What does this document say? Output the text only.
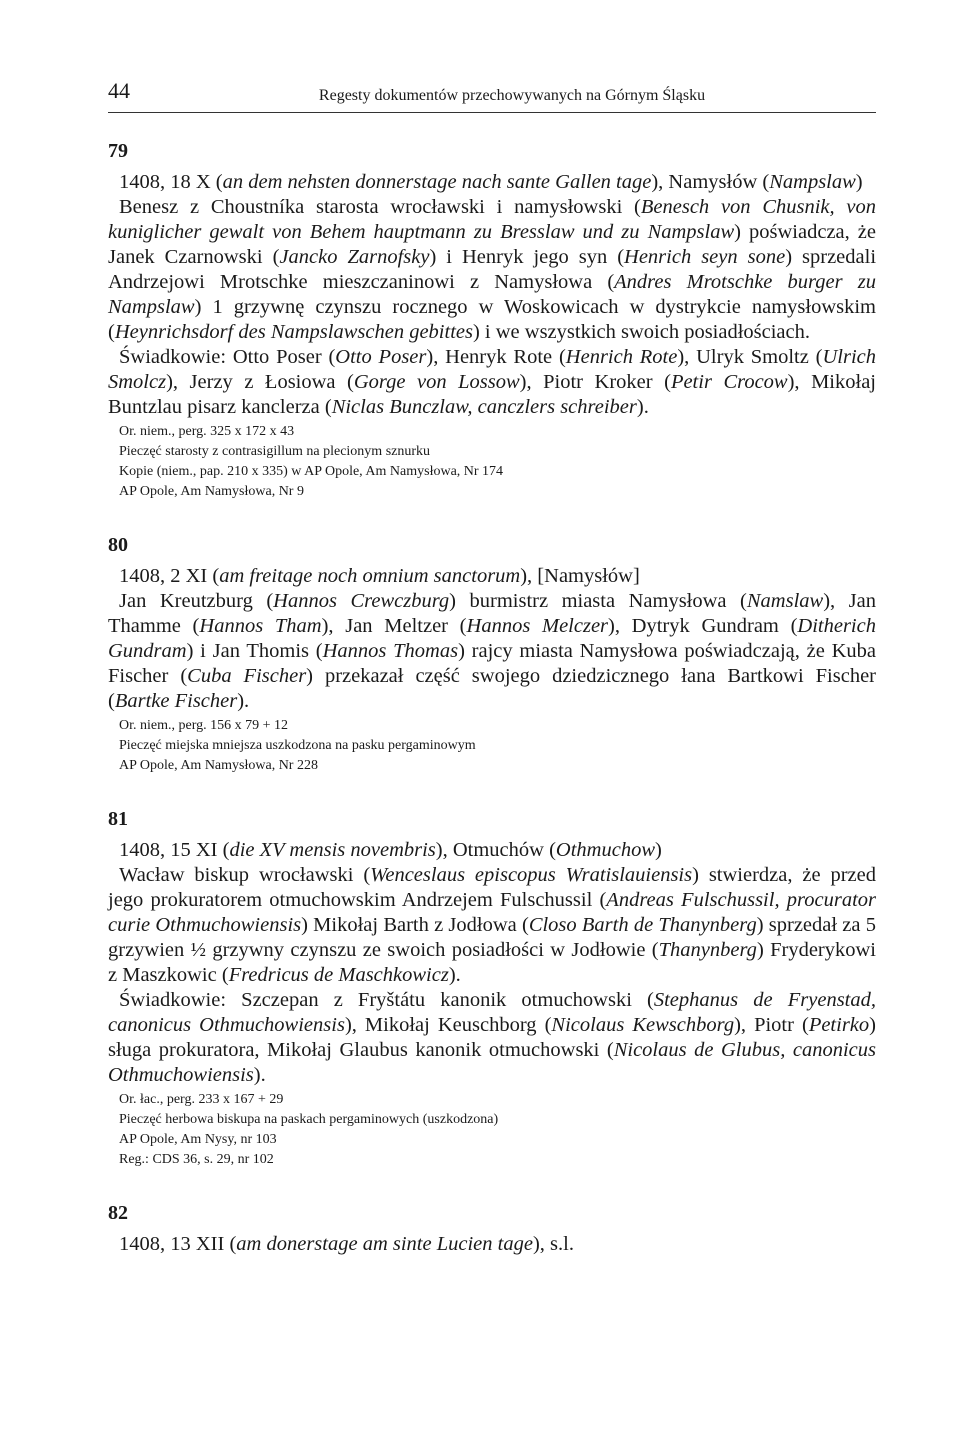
44	Regesty dokumentów przechowywanych na Górnym Śląsku
79

1408, 18 X (an dem nehsten donnerstage nach sante Gallen tage), Namysłów (Nampslaw)

Benesz z Choustníka starosta wrocławski i namysłowski (Benesch von Chusnik, von kuniglicher gewalt von Behem hauptmann zu Bresslaw und zu Nampslaw) poświadcza, że Janek Czarnowski (Jancko Zarnofsky) i Henryk jego syn (Henrich seyn sone) sprzedali Andrzejowi Mrotschke mieszczaninowi z Namysłowa (Andres Mrotschke burger zu Nampslaw) 1 grzywnę czynszu rocznego w Woskowicach w dystrykcie namysłowskim (Heynrichsdorf des Nampslawschen gebittes) i we wszystkich swoich posiadłościach.

Świadkowie: Otto Poser (Otto Poser), Henryk Rote (Henrich Rote), Ulryk Smoltz (Ulrich Smolcz), Jerzy z Łosiowa (Gorge von Lossow), Piotr Kroker (Petir Crocow), Mikołaj Buntzlau pisarz kanclerza (Niclas Bunczlaw, canczlers schreiber).

Or. niem., perg. 325 x 172 x 43
Pieczęć starosty z contrasigillum na plecionym sznurku
Kopie (niem., pap. 210 x 335) w AP Opole, Am Namysłowa, Nr 174
AP Opole, Am Namysłowa, Nr 9
80

1408, 2 XI (am freitage noch omnium sanctorum), [Namysłów]

Jan Kreutzburg (Hannos Crewczburg) burmistrz miasta Namysłowa (Namslaw), Jan Thamme (Hannos Tham), Jan Meltzer (Hannos Melczer), Dytryk Gundram (Ditherich Gundram) i Jan Thomis (Hannos Thomas) rajcy miasta Namysłowa poświadczają, że Kuba Fischer (Cuba Fischer) przekazał część swojego dziedzicznego łana Bartkowi Fischer (Bartke Fischer).

Or. niem., perg. 156 x 79 + 12
Pieczęć miejska mniejsza uszkodzona na pasku pergaminowym
AP Opole, Am Namysłowa, Nr 228
81

1408, 15 XI (die XV mensis novembris), Otmuchów (Othmuchow)

Wacław biskup wrocławski (Wenceslaus episcopus Wratislauiensis) stwierdza, że przed jego prokuratorem otmuchowskim Andrzejem Fulschussil (Andreas Fulschussil, procurator curie Othmuchowiensis) Mikołaj Barth z Jodłowa (Closo Barth de Thanynberg) sprzedał za 5 grzywien ½ grzywny czynszu ze swoich posiadłości w Jodłowie (Thanynberg) Fryderykowi z Maszkowic (Fredricus de Maschkowicz).

Świadkowie: Szczepan z Fryštátu kanonik otmuchowski (Stephanus de Fryenstad, canonicus Othmuchowiensis), Mikołaj Keuschborg (Nicolaus Kewschborg), Piotr (Petirko) sługa prokuratora, Mikołaj Glaubus kanonik otmuchowski (Nicolaus de Glubus, canonicus Othmuchowiensis).

Or. łac., perg. 233 x 167 + 29
Pieczęć herbowa biskupa na paskach pergaminowych (uszkodzona)
AP Opole, Am Nysy, nr 103
Reg.: CDS 36, s. 29, nr 102
82

1408, 13 XII (am donerstage am sinte Lucien tage), s.l.
